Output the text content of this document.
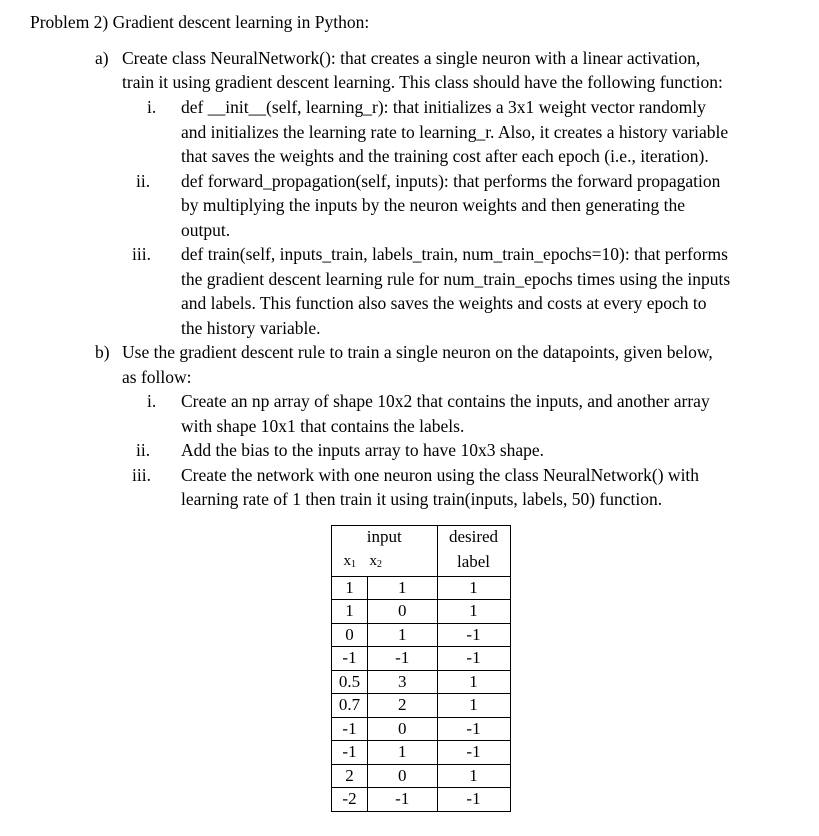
Problem 2) Gradient descent learning in Python:
a) Create class NeuralNetwork(): that creates a single neuron with a linear activation,
train it using gradient descent learning. This class should have the following function:
i. def __init__(self, learning_r): that initializes a 3x1 weight vector randomly
and initializes the learning rate to learning_r. Also, it creates a history variable
that saves the weights and the training cost after each epoch (i.e., iteration).
ii. def forward_propagation(self, inputs): that performs the forward propagation
by multiplying the inputs by the neuron weights and then generating the
output.
iii. def train(self, inputs_train, labels_train, num_train_epochs=10): that performs
the gradient descent learning rule for num_train_epochs times using the inputs
and labels. This function also saves the weights and costs at every epoch to
the history variable.
b) Use the gradient descent rule to train a single neuron on the datapoints, given below,
as follow:
i. Create an np array of shape 10x2 that contains the inputs, and another array
with shape 10x1 that contains the labels.
ii. Add the bias to the inputs array to have 10x3 shape.
iii. Create the network with one neuron using the class NeuralNetwork() with
learning rate of 1 then train it using train(inputs, labels, 50) function.
input		desired
x1	x2	label
1	1	1
1	0	1
0	1	-1
-1	-1	-1
0.5	3	1
0.7	2	1
-1	0	-1
-1	1	-1
2	0	1
-2	-1	-1
